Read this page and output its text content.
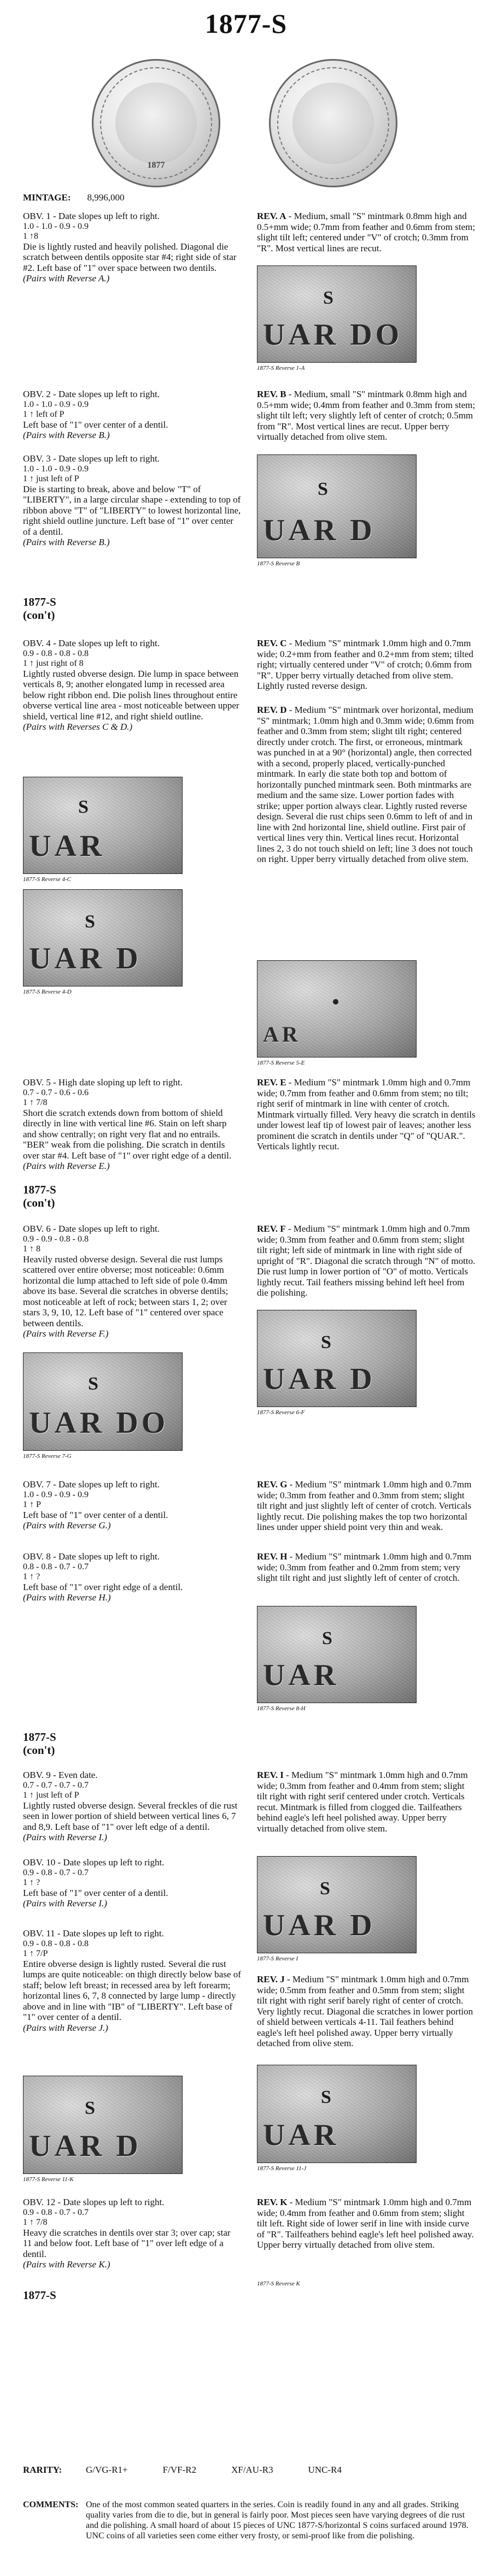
1877-S
1877
MINTAGE: 8,996,000
OBV. 1 - Date slopes up left to right.
1.0 - 1.0 - 0.9 - 0.9
1 ↑8
Die is lightly rusted and heavily polished. Diagonal die scratch between dentils opposite star #4; right side of star #2. Left base of "1" over space between two dentils. (Pairs with Reverse A.)
REV. A - Medium, small "S" mintmark 0.8mm high and 0.5+mm wide; 0.7mm from feather and 0.6mm from stem; slight tilt left; centered under "V" of crotch; 0.3mm from "R". Most vertical lines are recut.
UAR DO
S
1877-S Reverse 1-A
OBV. 2 - Date slopes up left to right.
1.0 - 1.0 - 0.9 - 0.9
1 ↑ left of P
Left base of "1" over center of a dentil.
(Pairs with Reverse B.)
REV. B - Medium, small "S" mintmark 0.8mm high and 0.5+mm wide; 0.4mm from feather and 0.3mm from stem; slight tilt left; very slightly left of center of crotch; 0.5mm from "R". Most vertical lines are recut. Upper berry virtually detached from olive stem.
OBV. 3 - Date slopes up left to right.
1.0 - 1.0 - 0.9 - 0.9
1 ↑ just left of P
Die is starting to break, above and below "T" of "LIBERTY", in a large circular shape - extending to top of ribbon above "T" of "LIBERTY" to lowest horizontal line, right shield outline juncture. Left base of "1" over center of a dentil.
(Pairs with Reverse B.)	UAR D
S
1877-S Reverse B
1877-S
(con't)
OBV. 4 - Date slopes up left to right.
0.9 - 0.8 - 0.8 - 0.8
1 ↑ just right of 8
Lightly rusted obverse design. Die lump in space between verticals 8, 9; another elongated lump in recessed area below right ribbon end. Die polish lines throughout entire obverse vertical line area - most noticeable between upper shield, vertical line #12, and right shield outline.
(Pairs with Reverses C & D.)
REV. C - Medium "S" mintmark 1.0mm high and 0.7mm wide; 0.2+mm from feather and 0.2+mm from stem; tilted right; virtually centered under "V" of crotch; 0.6mm from "R". Upper berry virtually detached from olive stem. Lightly rusted reverse design.
UAR
S
1877-S Reverse 4-C
UAR D
S
1877-S Reverse 4-D
REV. D - Medium "S" mintmark over horizontal, medium "S" mintmark; 1.0mm high and 0.3mm wide; 0.6mm from feather and 0.3mm from stem; slight tilt right; centered directly under crotch. The first, or erroneous, mintmark was punched in at a 90° (horizontal) angle, then corrected with a second, properly placed, vertically-punched mintmark. In early die state both top and bottom of horizontally punched mintmark seen. Both mintmarks are medium and the same size. Lower portion fades with strike; upper portion always clear. Lightly rusted reverse design. Several die rust chips seen 0.6mm to left of and in line with 2nd horizontal line, shield outline. First pair of vertical lines very thin. Vertical lines recut. Horizontal lines 2, 3 do not touch shield on left; line 3 does not touch on right. Upper berry virtually detached from olive stem.
AR
1877-S Reverse 5-E
OBV. 5 - High date sloping up left to right.
0.7 - 0.7 - 0.6 - 0.6
1 ↑ 7/8
Short die scratch extends down from bottom of shield directly in line with vertical line #6. Stain on left sharp and show centrally; on right very flat and no entrails. "BER" weak from die polishing. Die scratch in dentils over star #4. Left base of "1" over right edge of a dentil.
(Pairs with Reverse E.)
REV. E - Medium "S" mintmark 1.0mm high and 0.7mm wide; 0.7mm from feather and 0.6mm from stem; no tilt; right serif of mintmark in line with center of crotch. Mintmark virtually filled. Very heavy die scratch in dentils under lowest leaf tip of lowest pair of leaves; another less prominent die scratch in dentils under "Q" of "QUAR.". Verticals lightly recut.
1877-S
(con't)
OBV. 6 - Date slopes up left to right.
0.9 - 0.9 - 0.8 - 0.8
1 ↑ 8
Heavily rusted obverse design. Several die rust lumps scattered over entire obverse; most noticeable: 0.6mm horizontal die lump attached to left side of pole 0.4mm above its base. Several die scratches in obverse dentils; most noticeable at left of rock; between stars 1, 2; over stars 3, 9, 10, 12. Left base of "1" centered over space between dentils.
(Pairs with Reverse F.)
UAR DO
S
1877-S Reverse 7-G
REV. F - Medium "S" mintmark 1.0mm high and 0.7mm wide; 0.3mm from feather and 0.6mm from stem; slight tilt right; left side of mintmark in line with right side of upright of "R". Diagonal die scratch through "N" of motto. Die rust lump in lower portion of "O" of motto. Verticals lightly recut. Tail feathers missing behind left heel from die polishing.
UAR D
S
1877-S Reverse 6-F
OBV. 7 - Date slopes up left to right.
1.0 - 0.9 - 0.9 - 0.9
1 ↑ P
Left base of "1" over center of a dentil.
(Pairs with Reverse G.)
REV. G - Medium "S" mintmark 1.0mm high and 0.7mm wide; 0.3mm from feather and 0.3mm from stem; slight tilt right and just slightly left of center of crotch. Verticals lightly recut. Die polishing makes the top two horizontal lines under upper shield point very thin and weak.
OBV. 8 - Date slopes up left to right.
0.8 - 0.8 - 0.7 - 0.7
1 ↑ ?
Left base of "1" over right edge of a dentil.
(Pairs with Reverse H.)
REV. H - Medium "S" mintmark 1.0mm high and 0.7mm wide; 0.3mm from feather and 0.2mm from stem; very slight tilt right and just slightly left of center of crotch.
UAR
S
1877-S Reverse 8-H
1877-S
(con't)
OBV. 9 - Even date.
0.7 - 0.7 - 0.7 - 0.7
1 ↑ just left of P
Lightly rusted obverse design. Several freckles of die rust seen in lower portion of shield between vertical lines 6, 7 and 8,9. Left base of "1" over left edge of a dentil.
(Pairs with Reverse I.)
REV. I - Medium "S" mintmark 1.0mm high and 0.7mm wide; 0.3mm from feather and 0.4mm from stem; slight tilt right with right serif centered under crotch. Verticals recut. Mintmark is filled from clogged die. Tailfeathers behind eagle's left heel polished away. Upper berry virtually detached from olive stem.
UAR D
S
1877-S Reverse I
OBV. 10 - Date slopes up left to right.
0.9 - 0.8 - 0.7 - 0.7
1 ↑ ?
Left base of "1" over center of a dentil.
(Pairs with Reverse I.)
OBV. 11 - Date slopes up left to right.
0.9 - 0.8 - 0.8 - 0.8
1 ↑ 7/P
Entire obverse design is lightly rusted. Several die rust lumps are quite noticeable: on thigh directly below base of staff; below left breast; in recessed area by left forearm; horizontal lines 6, 7, 8 connected by large lump - directly above and in line with "IB" of "LIBERTY". Left base of "1" over center of a dentil.
(Pairs with Reverse J.)
REV. J - Medium "S" mintmark 1.0mm high and 0.7mm wide; 0.5mm from feather and 0.5mm from stem; slight tilt right with right serif barely right of center of crotch. Very lightly recut. Diagonal die scratches in lower portion of shield between verticals 4-11. Tail feathers behind eagle's left heel polished away. Upper berry virtually detached from olive stem.
UAR D
S
1877-S Reverse 11-K
UAR
S
1877-S Reverse 11-J
OBV. 12 - Date slopes up left to right.
0.9 - 0.8 - 0.7 - 0.7
1 ↑ 7/8
Heavy die scratches in dentils over star 3; over cap; star 11 and below foot. Left base of "1" over left edge of a dentil.
(Pairs with Reverse K.)
REV. K - Medium "S" mintmark 1.0mm high and 0.7mm wide; 0.4mm from feather and 0.6mm from stem; slight tilt left. Right side of lower serif in line with inside curve of "R". Tailfeathers behind eagle's left heel polished away. Upper berry virtually detached from olive stem.
1877-S Reverse K
1877-S
RARITY:	G/VG-R1+	F/VF-R2	XF/AU-R3	UNC-R4
COMMENTS: One of the most common seated quarters in the series. Coin is readily found in any and all grades. Striking quality varies from die to die, but in general is fairly poor. Most pieces seen have varying degrees of die rust and die polishing. A small hoard of about 15 pieces of UNC 1877-S/horizontal S coins surfaced around 1978. UNC coins of all varieties seen come either very frosty, or semi-proof like from die polishing.
